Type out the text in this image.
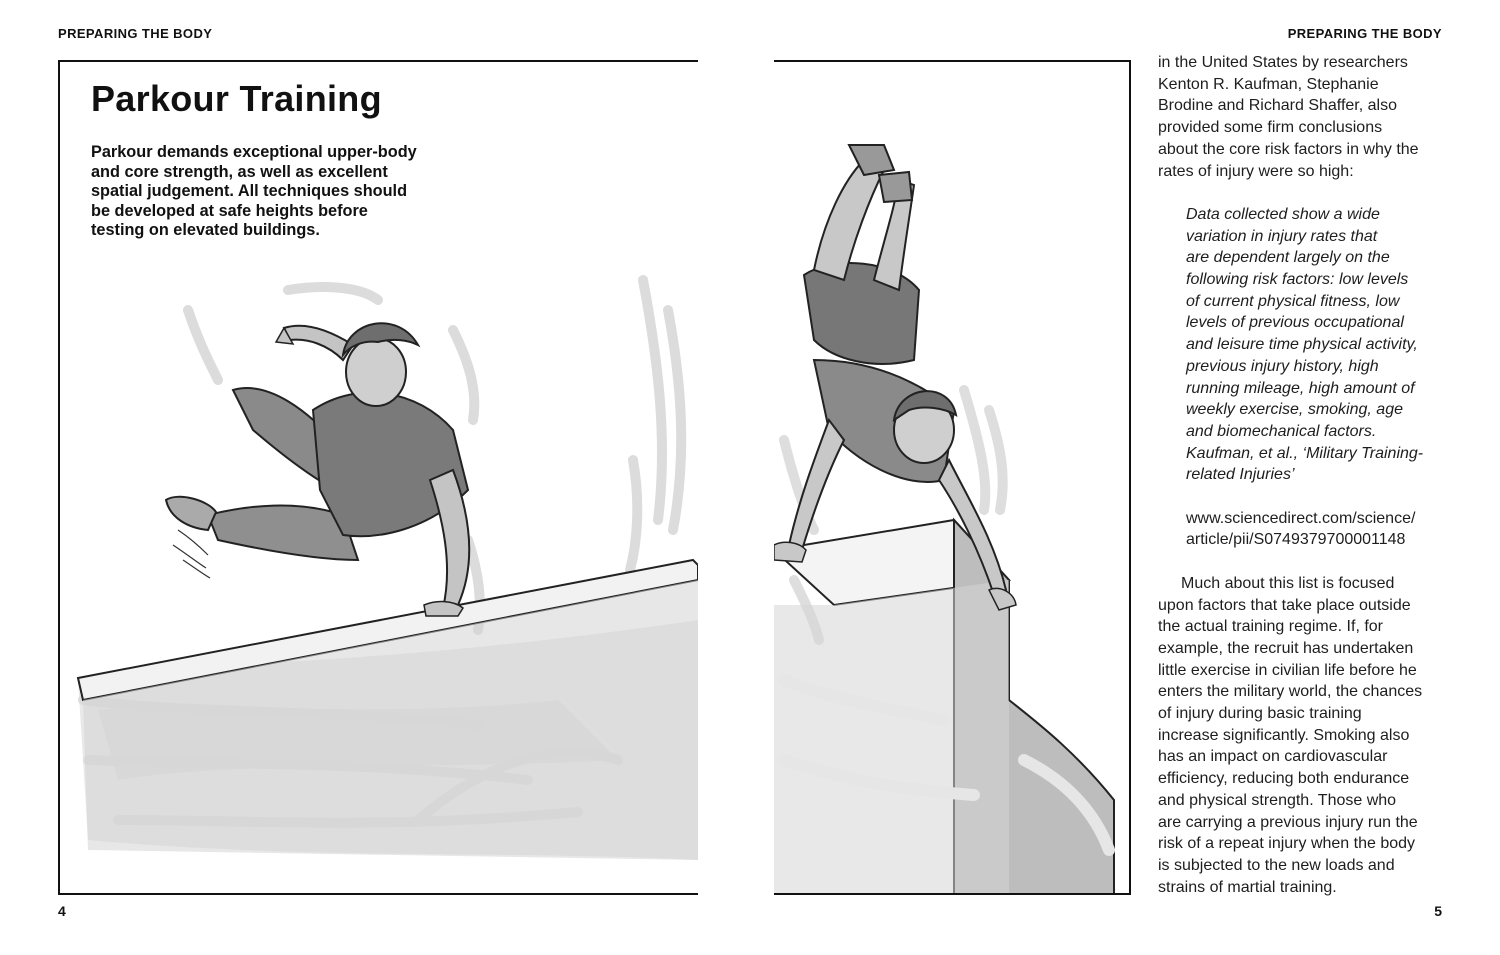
PREPARING THE BODY	PREPARING THE BODY
Parkour Training

Parkour demands exceptional upper-body
and core strength, as well as excellent
spatial judgement. All techniques should
be developed at safe heights before
testing on elevated buildings.

in the United States by researchers
Kenton R. Kaufman, Stephanie
Brodine and Richard Shaffer, also
provided some firm conclusions
about the core risk factors in why the
rates of injury were so high:

Data collected show a wide
variation in injury rates that
are dependent largely on the
following risk factors: low levels
of current physical fitness, low
levels of previous occupational
and leisure time physical activity,
previous injury history, high
running mileage, high amount of
weekly exercise, smoking, age
and biomechanical factors.
Kaufman, et al., ‘Military Training-
related Injuries’

www.sciencedirect.com/science/
article/pii/S0749379700001148

Much about this list is focused
upon factors that take place outside
the actual training regime. If, for
example, the recruit has undertaken
little exercise in civilian life before he
enters the military world, the chances
of injury during basic training
increase significantly. Smoking also
has an impact on cardiovascular
efficiency, reducing both endurance
and physical strength. Those who
are carrying a previous injury run the
risk of a repeat injury when the body
is subjected to the new loads and
strains of martial training.

4	5
